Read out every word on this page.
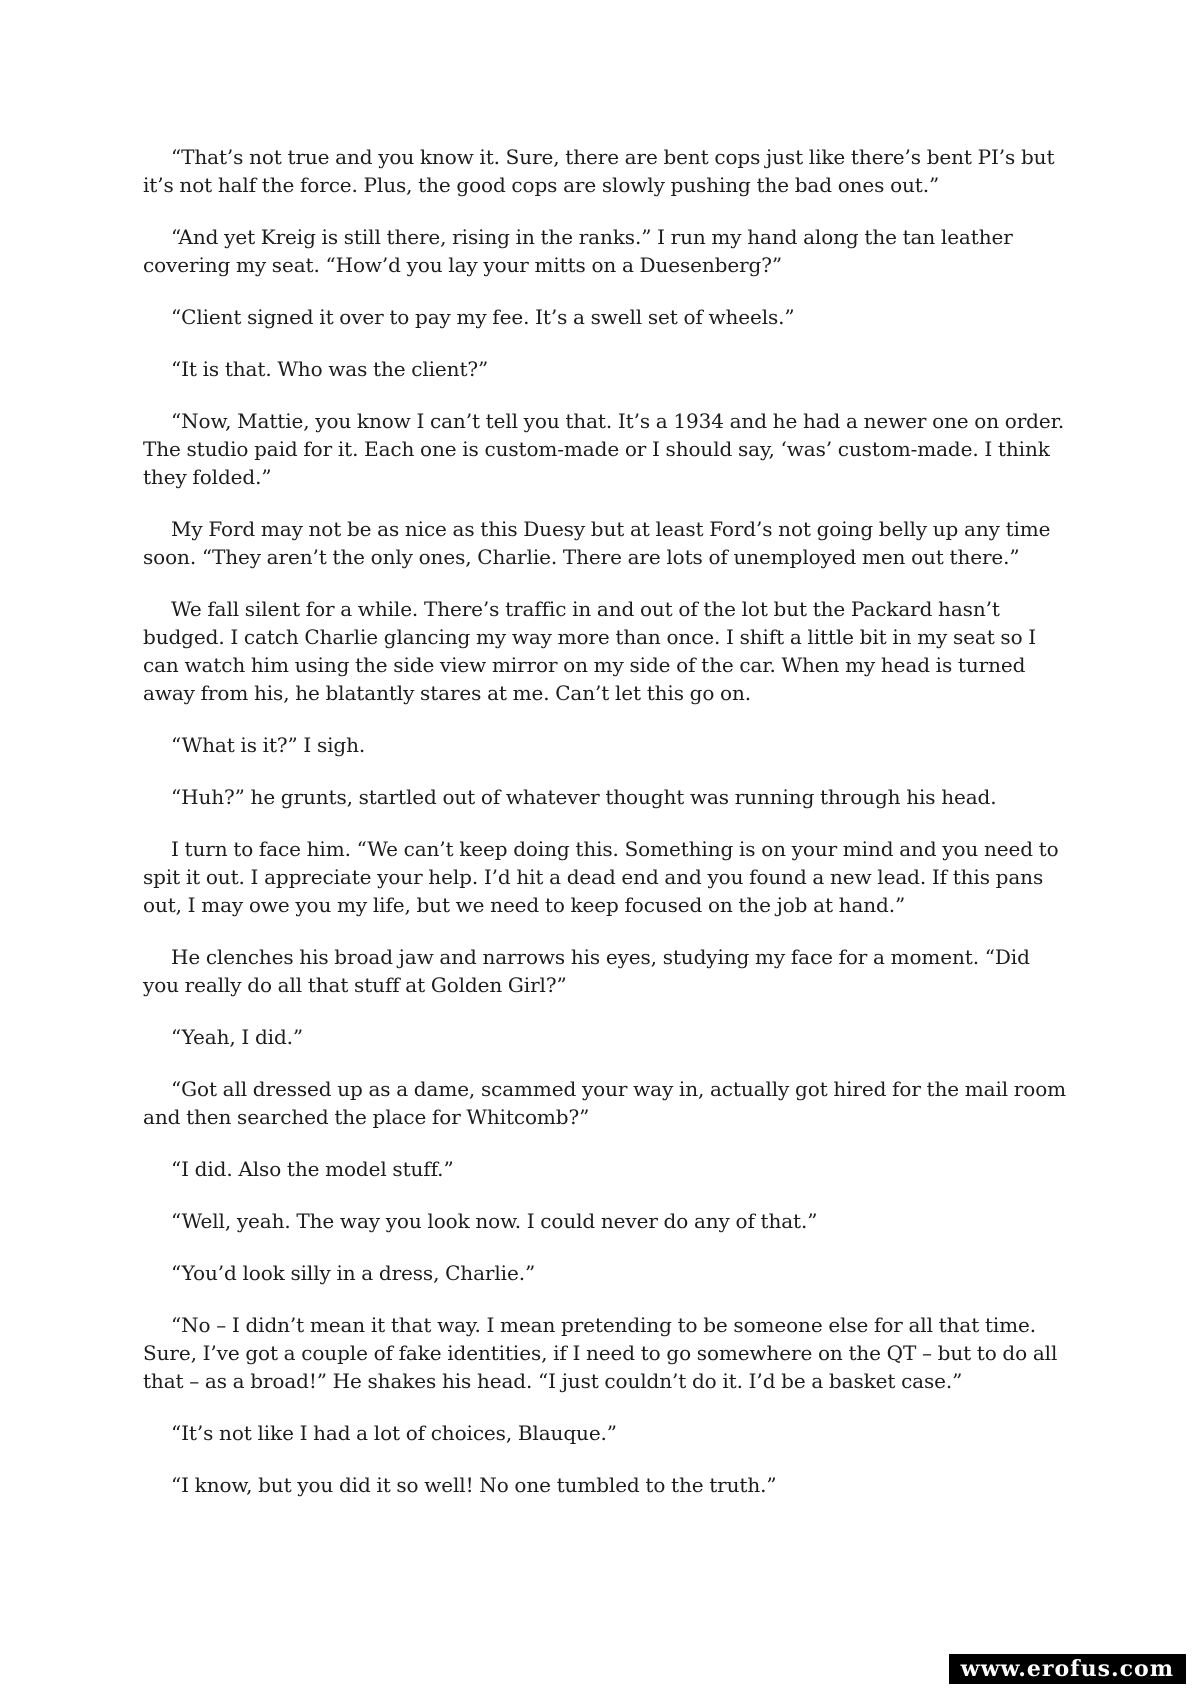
“That’s not true and you know it. Sure, there are bent cops just like there’s bent PI’s but it’s not half the force. Plus, the good cops are slowly pushing the bad ones out.”

“And yet Kreig is still there, rising in the ranks.” I run my hand along the tan leather covering my seat. “How’d you lay your mitts on a Duesenberg?”

“Client signed it over to pay my fee. It’s a swell set of wheels.”

“It is that. Who was the client?”

“Now, Mattie, you know I can’t tell you that. It’s a 1934 and he had a newer one on order. The studio paid for it. Each one is custom-made or I should say, ‘was’ custom-made. I think they folded.”

My Ford may not be as nice as this Duesy but at least Ford’s not going belly up any time soon. “They aren’t the only ones, Charlie. There are lots of unemployed men out there.”

We fall silent for a while. There’s traffic in and out of the lot but the Packard hasn’t budged. I catch Charlie glancing my way more than once. I shift a little bit in my seat so I can watch him using the side view mirror on my side of the car. When my head is turned away from his, he blatantly stares at me. Can’t let this go on.

“What is it?” I sigh.

“Huh?” he grunts, startled out of whatever thought was running through his head.

I turn to face him. “We can’t keep doing this. Something is on your mind and you need to spit it out. I appreciate your help. I’d hit a dead end and you found a new lead. If this pans out, I may owe you my life, but we need to keep focused on the job at hand.”

He clenches his broad jaw and narrows his eyes, studying my face for a moment. “Did you really do all that stuff at Golden Girl?”

“Yeah, I did.”

“Got all dressed up as a dame, scammed your way in, actually got hired for the mail room and then searched the place for Whitcomb?”

“I did. Also the model stuff.”

“Well, yeah. The way you look now. I could never do any of that.”

“You’d look silly in a dress, Charlie.”

“No – I didn’t mean it that way. I mean pretending to be someone else for all that time. Sure, I’ve got a couple of fake identities, if I need to go somewhere on the QT – but to do all that – as a broad!” He shakes his head. “I just couldn’t do it. I’d be a basket case.”

“It’s not like I had a lot of choices, Blauque.”

“I know, but you did it so well! No one tumbled to the truth.”

www.erofus.com
